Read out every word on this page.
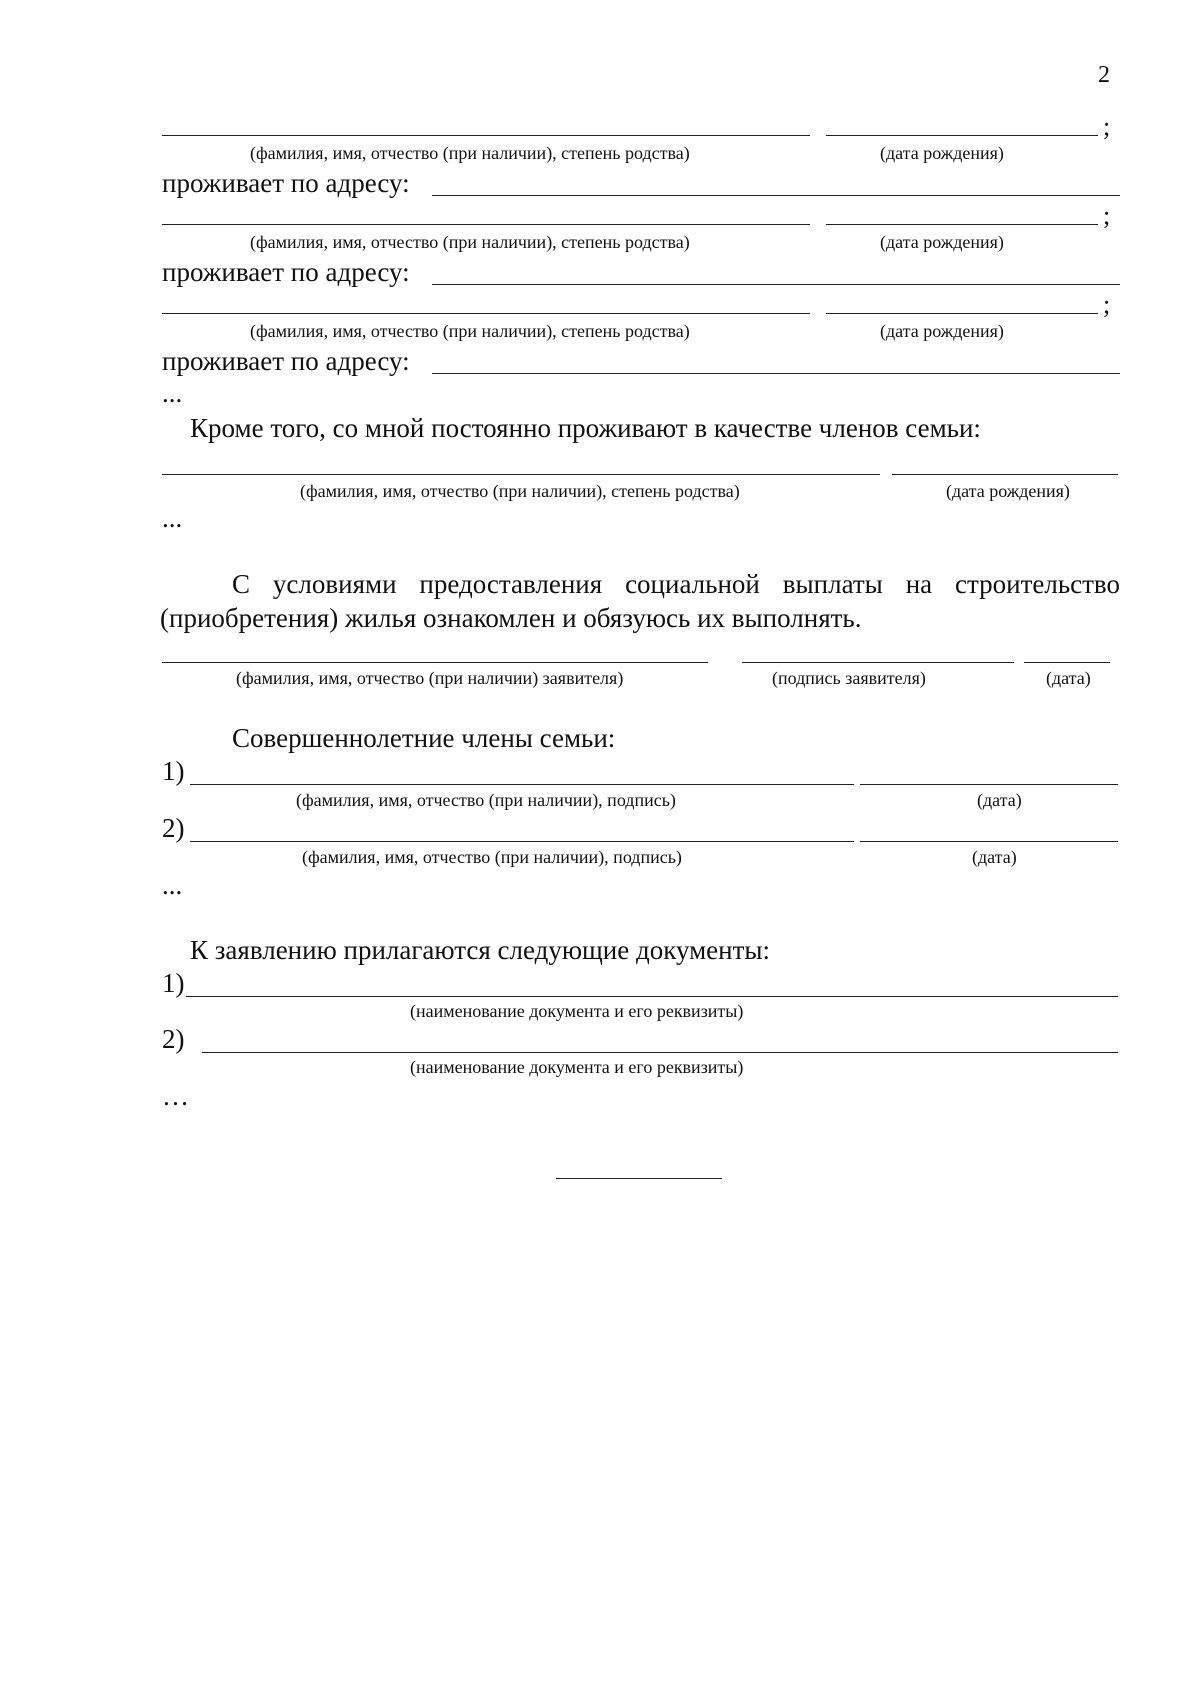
2
;
(фамилия, имя, отчество (при наличии), степень родства)	(дата рождения)
проживает по адресу:
;
(фамилия, имя, отчество (при наличии), степень родства)	(дата рождения)
проживает по адресу:
;
(фамилия, имя, отчество (при наличии), степень родства)	(дата рождения)
проживает по адресу:
...
Кроме того, со мной постоянно проживают в качестве членов семьи:
(фамилия, имя, отчество (при наличии), степень родства)	(дата рождения)
...
С условиями предоставления социальной выплаты на строительство (приобретения) жилья ознакомлен и обязуюсь их выполнять.
(фамилия, имя, отчество (при наличии) заявителя)	(подпись заявителя)	(дата)
Совершеннолетние члены семьи:
1)
(фамилия, имя, отчество (при наличии), подпись)	(дата)
2)
(фамилия, имя, отчество (при наличии), подпись)	(дата)
...
К заявлению прилагаются следующие документы:
1)
(наименование документа и его реквизиты)
2)
(наименование документа и его реквизиты)
…
